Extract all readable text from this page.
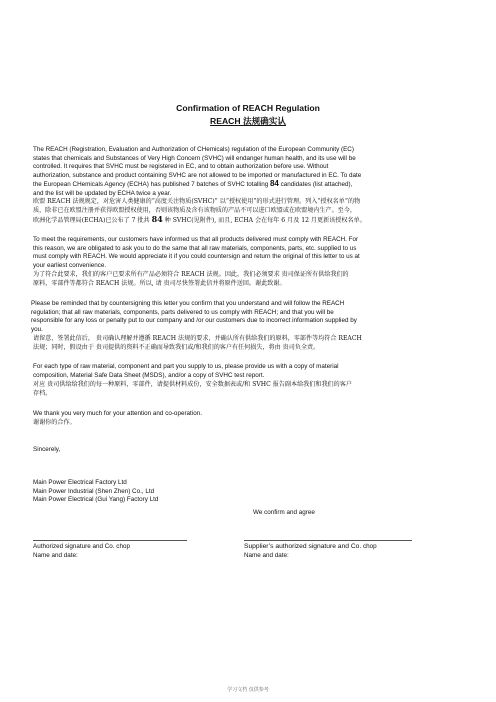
Confirmation of REACH Regulation
REACH 法规确实认
The REACH (Registration, Evaluation and Authorization of CHemicals) regulation of the European Community (EC)
states that chemicals and Substances of Very High Concern (SVHC) will endanger human health, and its use will be
controlled. It requires that SVHC must be registered in EC, and to obtain authorization before use. Without
authorization, substance and product containing SVHC are not allowed to be imported or manufactured in EC. To date
the European CHemicals Agency (ECHA) has published 7 batches of SVHC totalling 84 candidates (list attached),
and the list will be updated by ECHA twice a year.
欧盟 REACH 法规规定，对危害人类健康的“高度关注物质(SVHC)” 以“授权使用”的形式进行管理。列入“授权名单”的物
质，除非已在欧盟注册并获得欧盟授权使用，否则该物质及含有该物质的产品不可以进口欧盟或在欧盟境内生产。至今，
欧洲化学品管理局(ECHA)已公布了 7 批共 84 种 SVHC(见附件), 而且, ECHA 会在每年 6 月及 12 月更新该授权名单。
To meet the requirements, our customers have informed us that all products delivered must comply with REACH. For
this reason, we are obligated to ask you to do the same that all raw materials, components, parts, etc. supplied to us
must comply with REACH. We would appreciate it if you could countersign and return the original of this letter to us at
your earliest convenience.
为了符合此要求，我们的客户已要求所有产品必须符合 REACH 法规。因此，我们必须要求 贵司保证所有供给我们的
原料，零部件等都符合 REACH 法规。所以, 请 贵司尽快签署此信并将原件送回。谢此致谢。
Please be reminded that by countersigning this letter you confirm that you understand and will follow the REACH
regulation; that all raw materials, components, parts delivered to us comply with REACH; and that you will be
responsible for any loss or penalty put to our company and /or our customers due to incorrect information supplied by
you.
请留意，签署此信后， 贵司确认理解并遵循 REACH 法规的要求，并确认所有供给我们的原料，零部件等均符合 REACH
法规；同时，假设由于 贵司提供的资料不正确而导致我们或/和我们的客户有任何损失，将由 贵司负全责。
For each type of raw material, component and part you supply to us, please provide us with a copy of material
composition, Material Safe Data Sheet (MSDS), and/or a copy of SVHC test report.
对应 贵司供给给我们的每一种原料，零部件，请提供材料成份，安全数据表或/和 SVHC 报告副本给我们和我们的客户
存档。
We thank you very much for your attention and co-operation.
谢谢你的合作。
Sincerely,
Main Power Electrical Factory Ltd
Main Power Industrial (Shen Zhen) Co., Ltd
Main Power Electrical (Gui Yang) Factory Ltd
We confirm and agree
Authorized signature and Co. chop
Name and date:
Supplier’s authorized signature and Co. chop
Name and date:
学习文档 仅供参考
